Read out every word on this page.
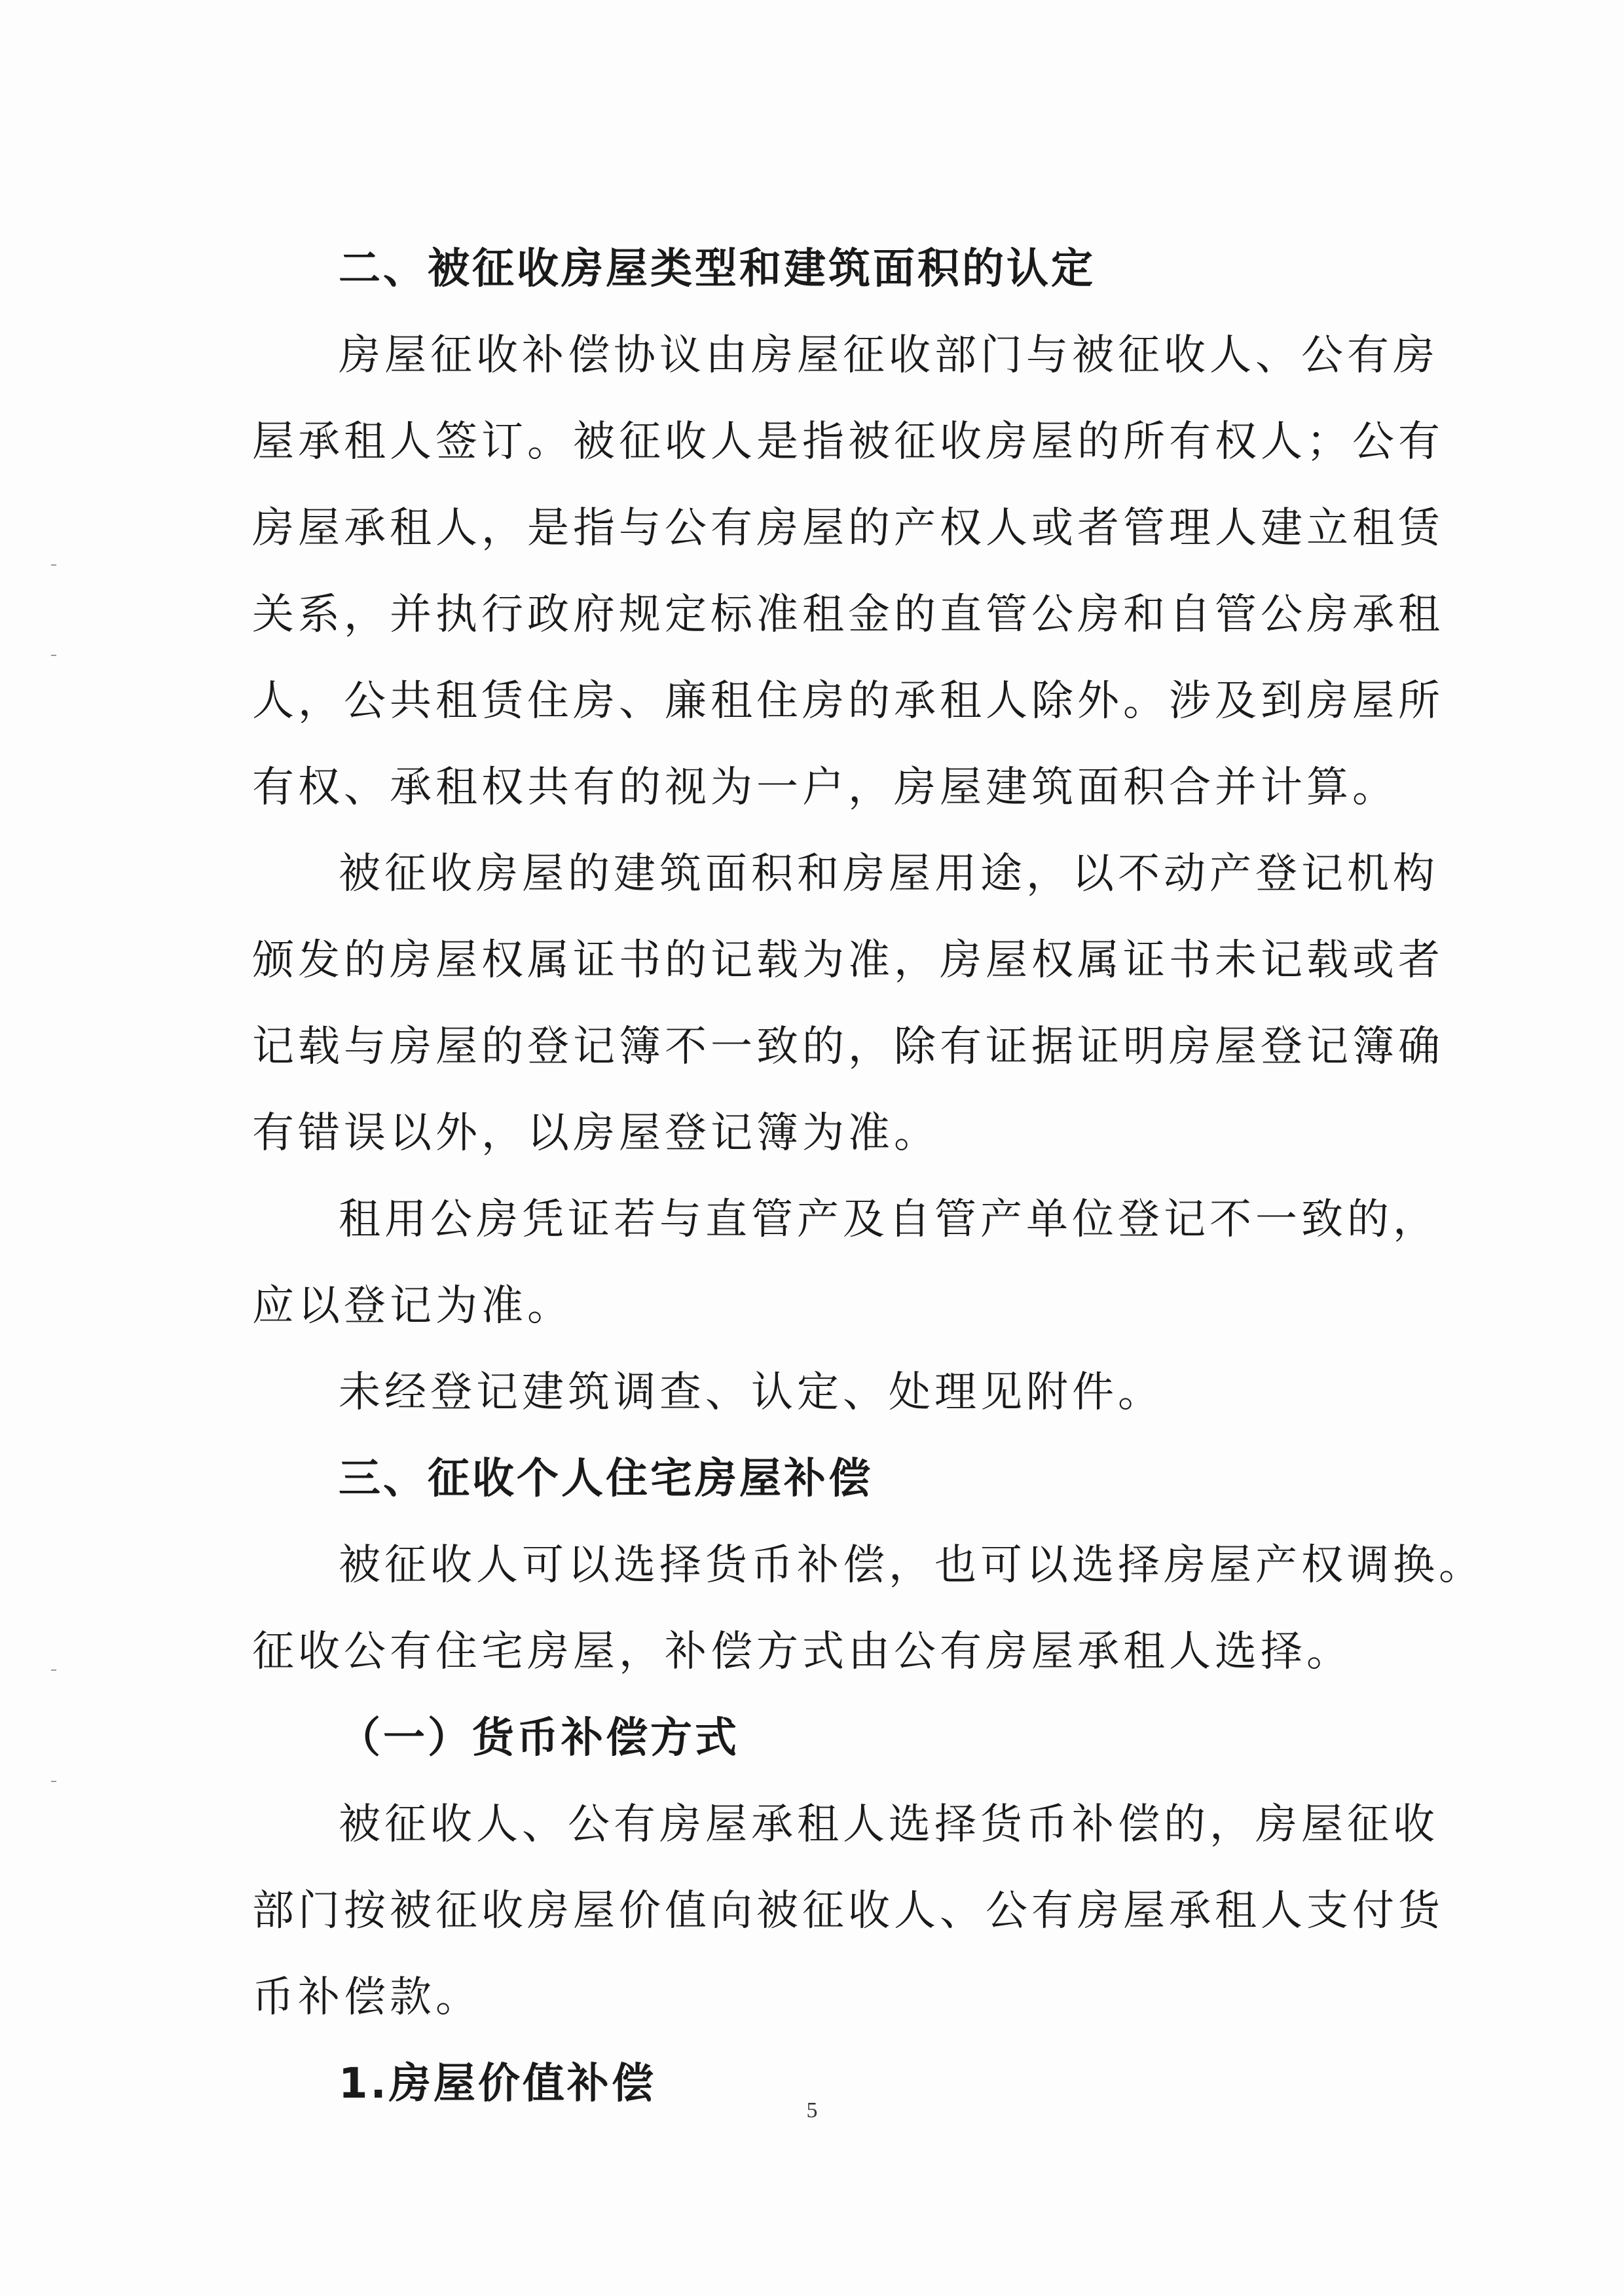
二、被征收房屋类型和建筑面积的认定
房屋征收补偿协议由房屋征收部门与被征收人、公有房
屋承租人签订。被征收人是指被征收房屋的所有权人；公有
房屋承租人，是指与公有房屋的产权人或者管理人建立租赁
关系，并执行政府规定标准租金的直管公房和自管公房承租
人，公共租赁住房、廉租住房的承租人除外。涉及到房屋所
有权、承租权共有的视为一户，房屋建筑面积合并计算。
被征收房屋的建筑面积和房屋用途，以不动产登记机构
颁发的房屋权属证书的记载为准，房屋权属证书未记载或者
记载与房屋的登记簿不一致的，除有证据证明房屋登记簿确
有错误以外，以房屋登记簿为准。
租用公房凭证若与直管产及自管产单位登记不一致的，
应以登记为准。
未经登记建筑调查、认定、处理见附件。
三、征收个人住宅房屋补偿
被征收人可以选择货币补偿，也可以选择房屋产权调换。
征收公有住宅房屋，补偿方式由公有房屋承租人选择。
（一）货币补偿方式
被征收人、公有房屋承租人选择货币补偿的，房屋征收
部门按被征收房屋价值向被征收人、公有房屋承租人支付货
币补偿款。
1.房屋价值补偿
5
